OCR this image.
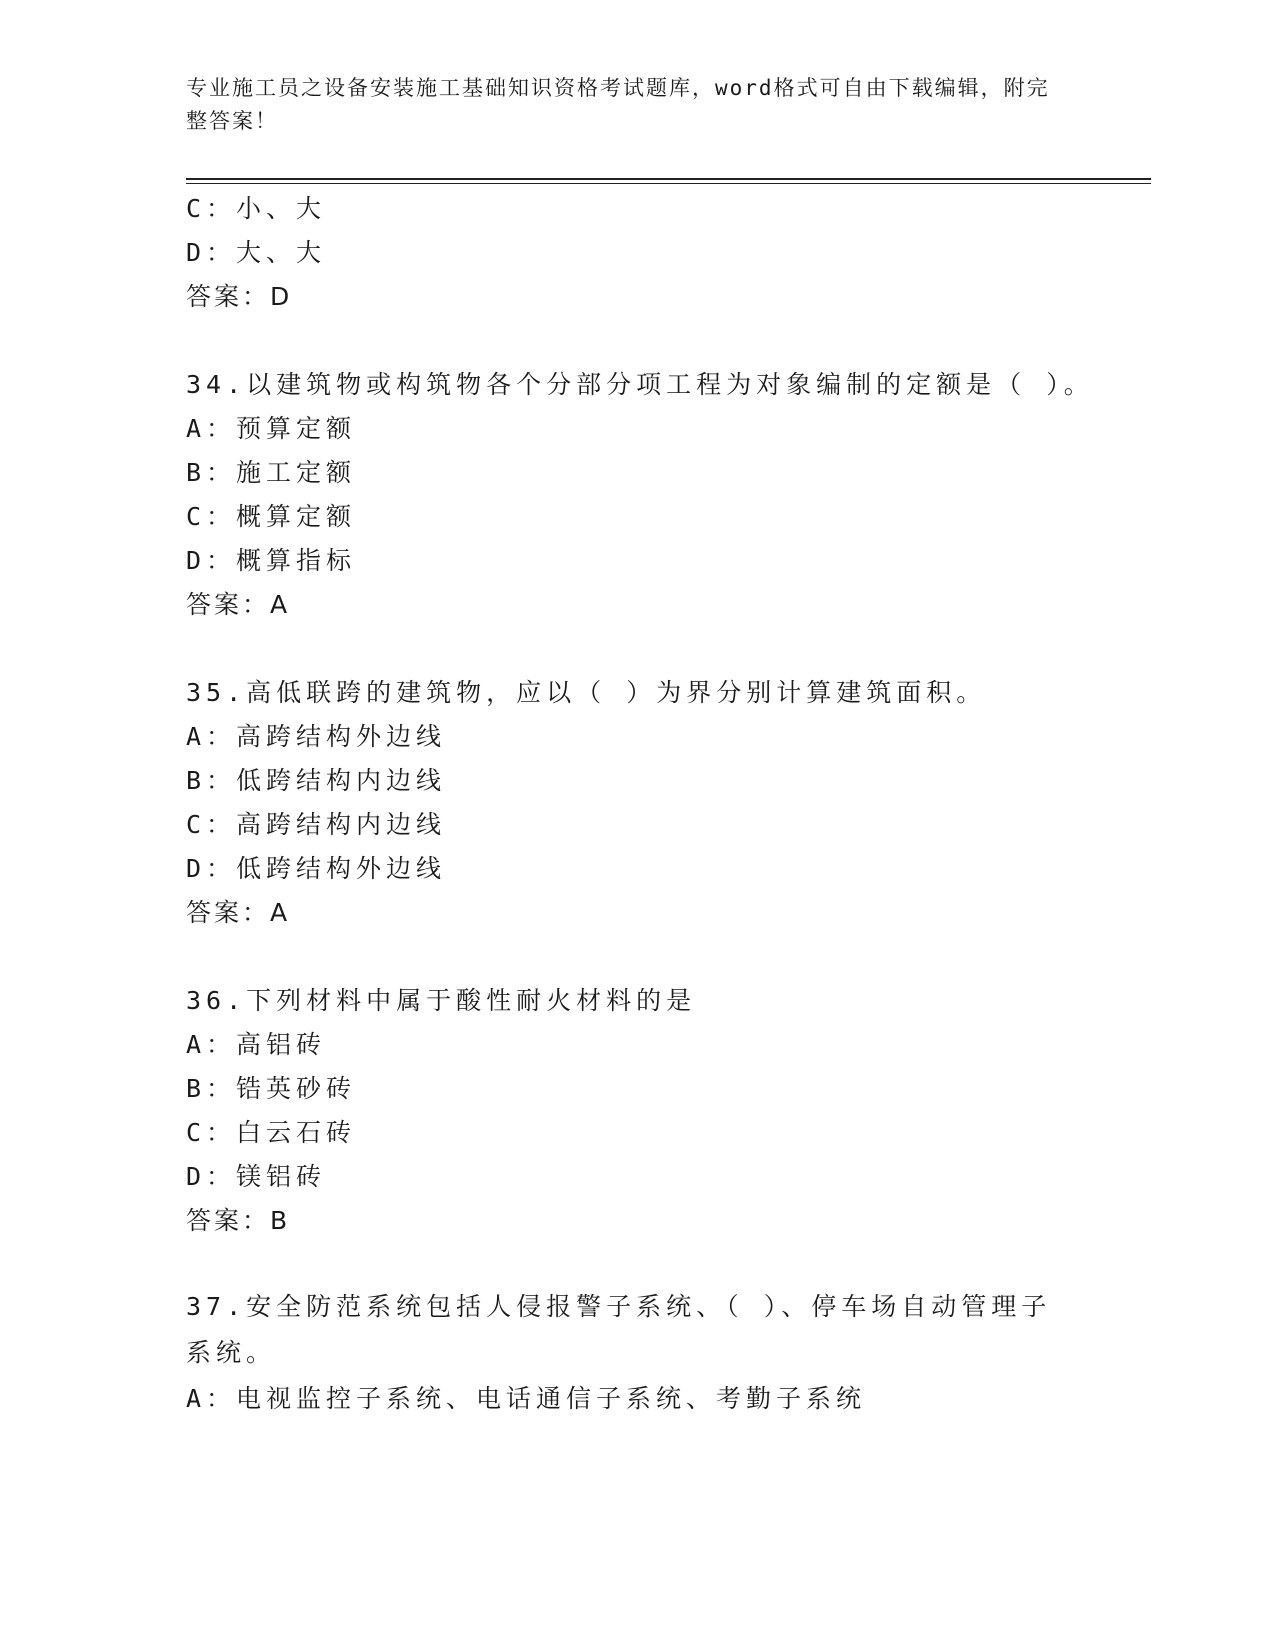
专业施工员之设备安装施工基础知识资格考试题库，word格式可自由下载编辑，附完整答案！
C：小、大
D：大、大
答案：D
34.以建筑物或构筑物各个分部分项工程为对象编制的定额是（ ）。
A：预算定额
B：施工定额
C：概算定额
D：概算指标
答案：A
35.高低联跨的建筑物，应以（ ）为界分别计算建筑面积。
A：高跨结构外边线
B：低跨结构内边线
C：高跨结构内边线
D：低跨结构外边线
答案：A
36.下列材料中属于酸性耐火材料的是
A：高铝砖
B：锆英砂砖
C：白云石砖
D：镁铝砖
答案：B
37.安全防范系统包括人侵报警子系统、（ ）、停车场自动管理子系统。
A：电视监控子系统、电话通信子系统、考勤子系统
